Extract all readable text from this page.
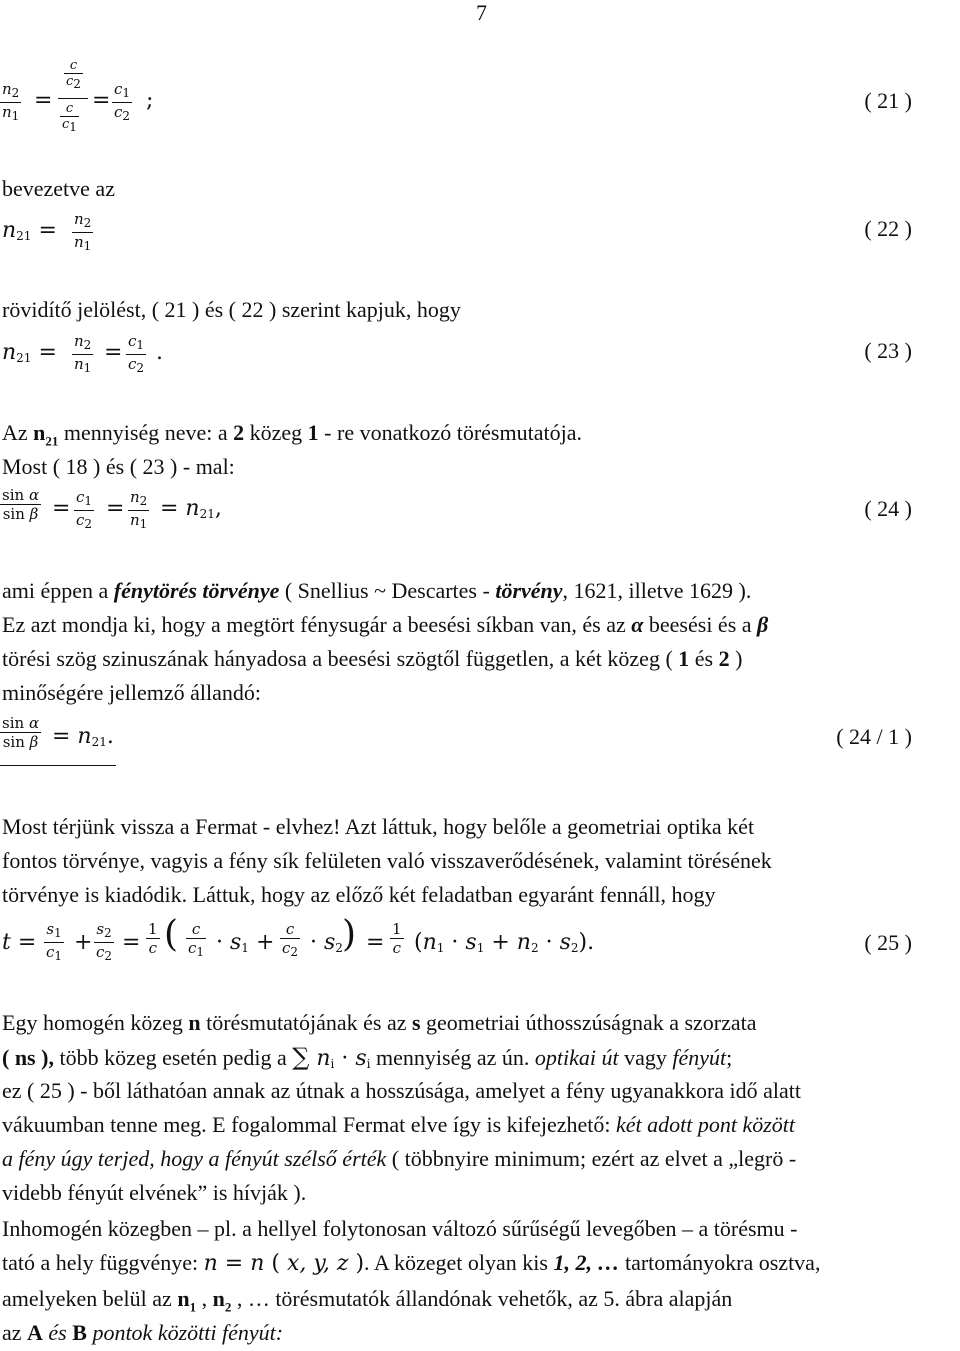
7
$n_2$
$n_1$
=
c
c2
c
c1
= $c_1$
$c_2$
;	( 21 )
bevezetve az
$n_{21} = n_2$
$n_1$
( 22 )
rövidítő jelölést, ( 21 ) és ( 22 ) szerint kapjuk, hogy
$n_{21} = n_2$
$n_1$
= $c_1$
$c_2$
.	( 23 )
Az $n_{21}$ mennyiség neve: a 2 közeg 1 - re vonatkozó törésmutatója.
Most ( 18 ) és ( 23 ) - mal:
sin α
$\sin \beta = c_1$
$c_2$
= $n_2$
$n_1$
= $n_{21}$,	( 24 )
ami éppen a fénytörés törvénye ( Snellius ~ Descartes - törvény, 1621, illetve 1629 ).
Ez azt mondja ki, hogy a megtört fénysugár a beesési síkban van, és az α beesési és a β
törési szög szinuszának hányadosa a beesési szögtől független, a két közeg ( 1 és 2 )
minőségére jellemző állandó:
sin α
$\sin \beta = n_{21}$.	( 24 / 1 )
Most térjünk vissza a Fermat - elvhez! Azt láttuk, hogy belőle a geometriai optika két
fontos törvénye, vagyis a fény sík felületen való visszaverődésének, valamint törésének
törvénye is kiadódik. Láttuk, hogy az előző két feladatban egyaránt fennáll, hogy
t =
$s_1$
$c_1$
+
$s_2$
$c_2$
=
1
c ( c
$c_1 \cdot s_1$ +
c
$c_2 \cdot s_2$ ) =
1
c $(n_1 \cdot s_1 + n_2 \cdot s_2)$.	( 25 )
Egy homogén közeg n törésmutatójának és az s geometriai úthosszúságnak a szorzata
( ns ), több közeg esetén pedig a ∑ $n_i \cdot s_i$ mennyiség az ún. optikai út vagy fényút;
ez ( 25 ) - ből láthatóan annak az útnak a hosszúsága, amelyet a fény ugyanakkora idő alatt
vákuumban tenne meg. E fogalommal Fermat elve így is kifejezhető: két adott pont között
a fény úgy terjed, hogy a fényút szélső érték ( többnyire minimum; ezért az elvet a „legrö -
videbb fényút elvének” is hívják ).
Inhomogén közegben – pl. a hellyel folytonosan változó sűrűségű levegőben – a törésmu -
tató a hely függvénye: n = n ( x, y, z ). A közeget olyan kis 1, 2, … tartományokra osztva,
amelyeken belül az $n_1$ , $n_2$ , … törésmutatók állandónak vehetők, az 5. ábra alapján
az A és B pontok közötti fényút:
